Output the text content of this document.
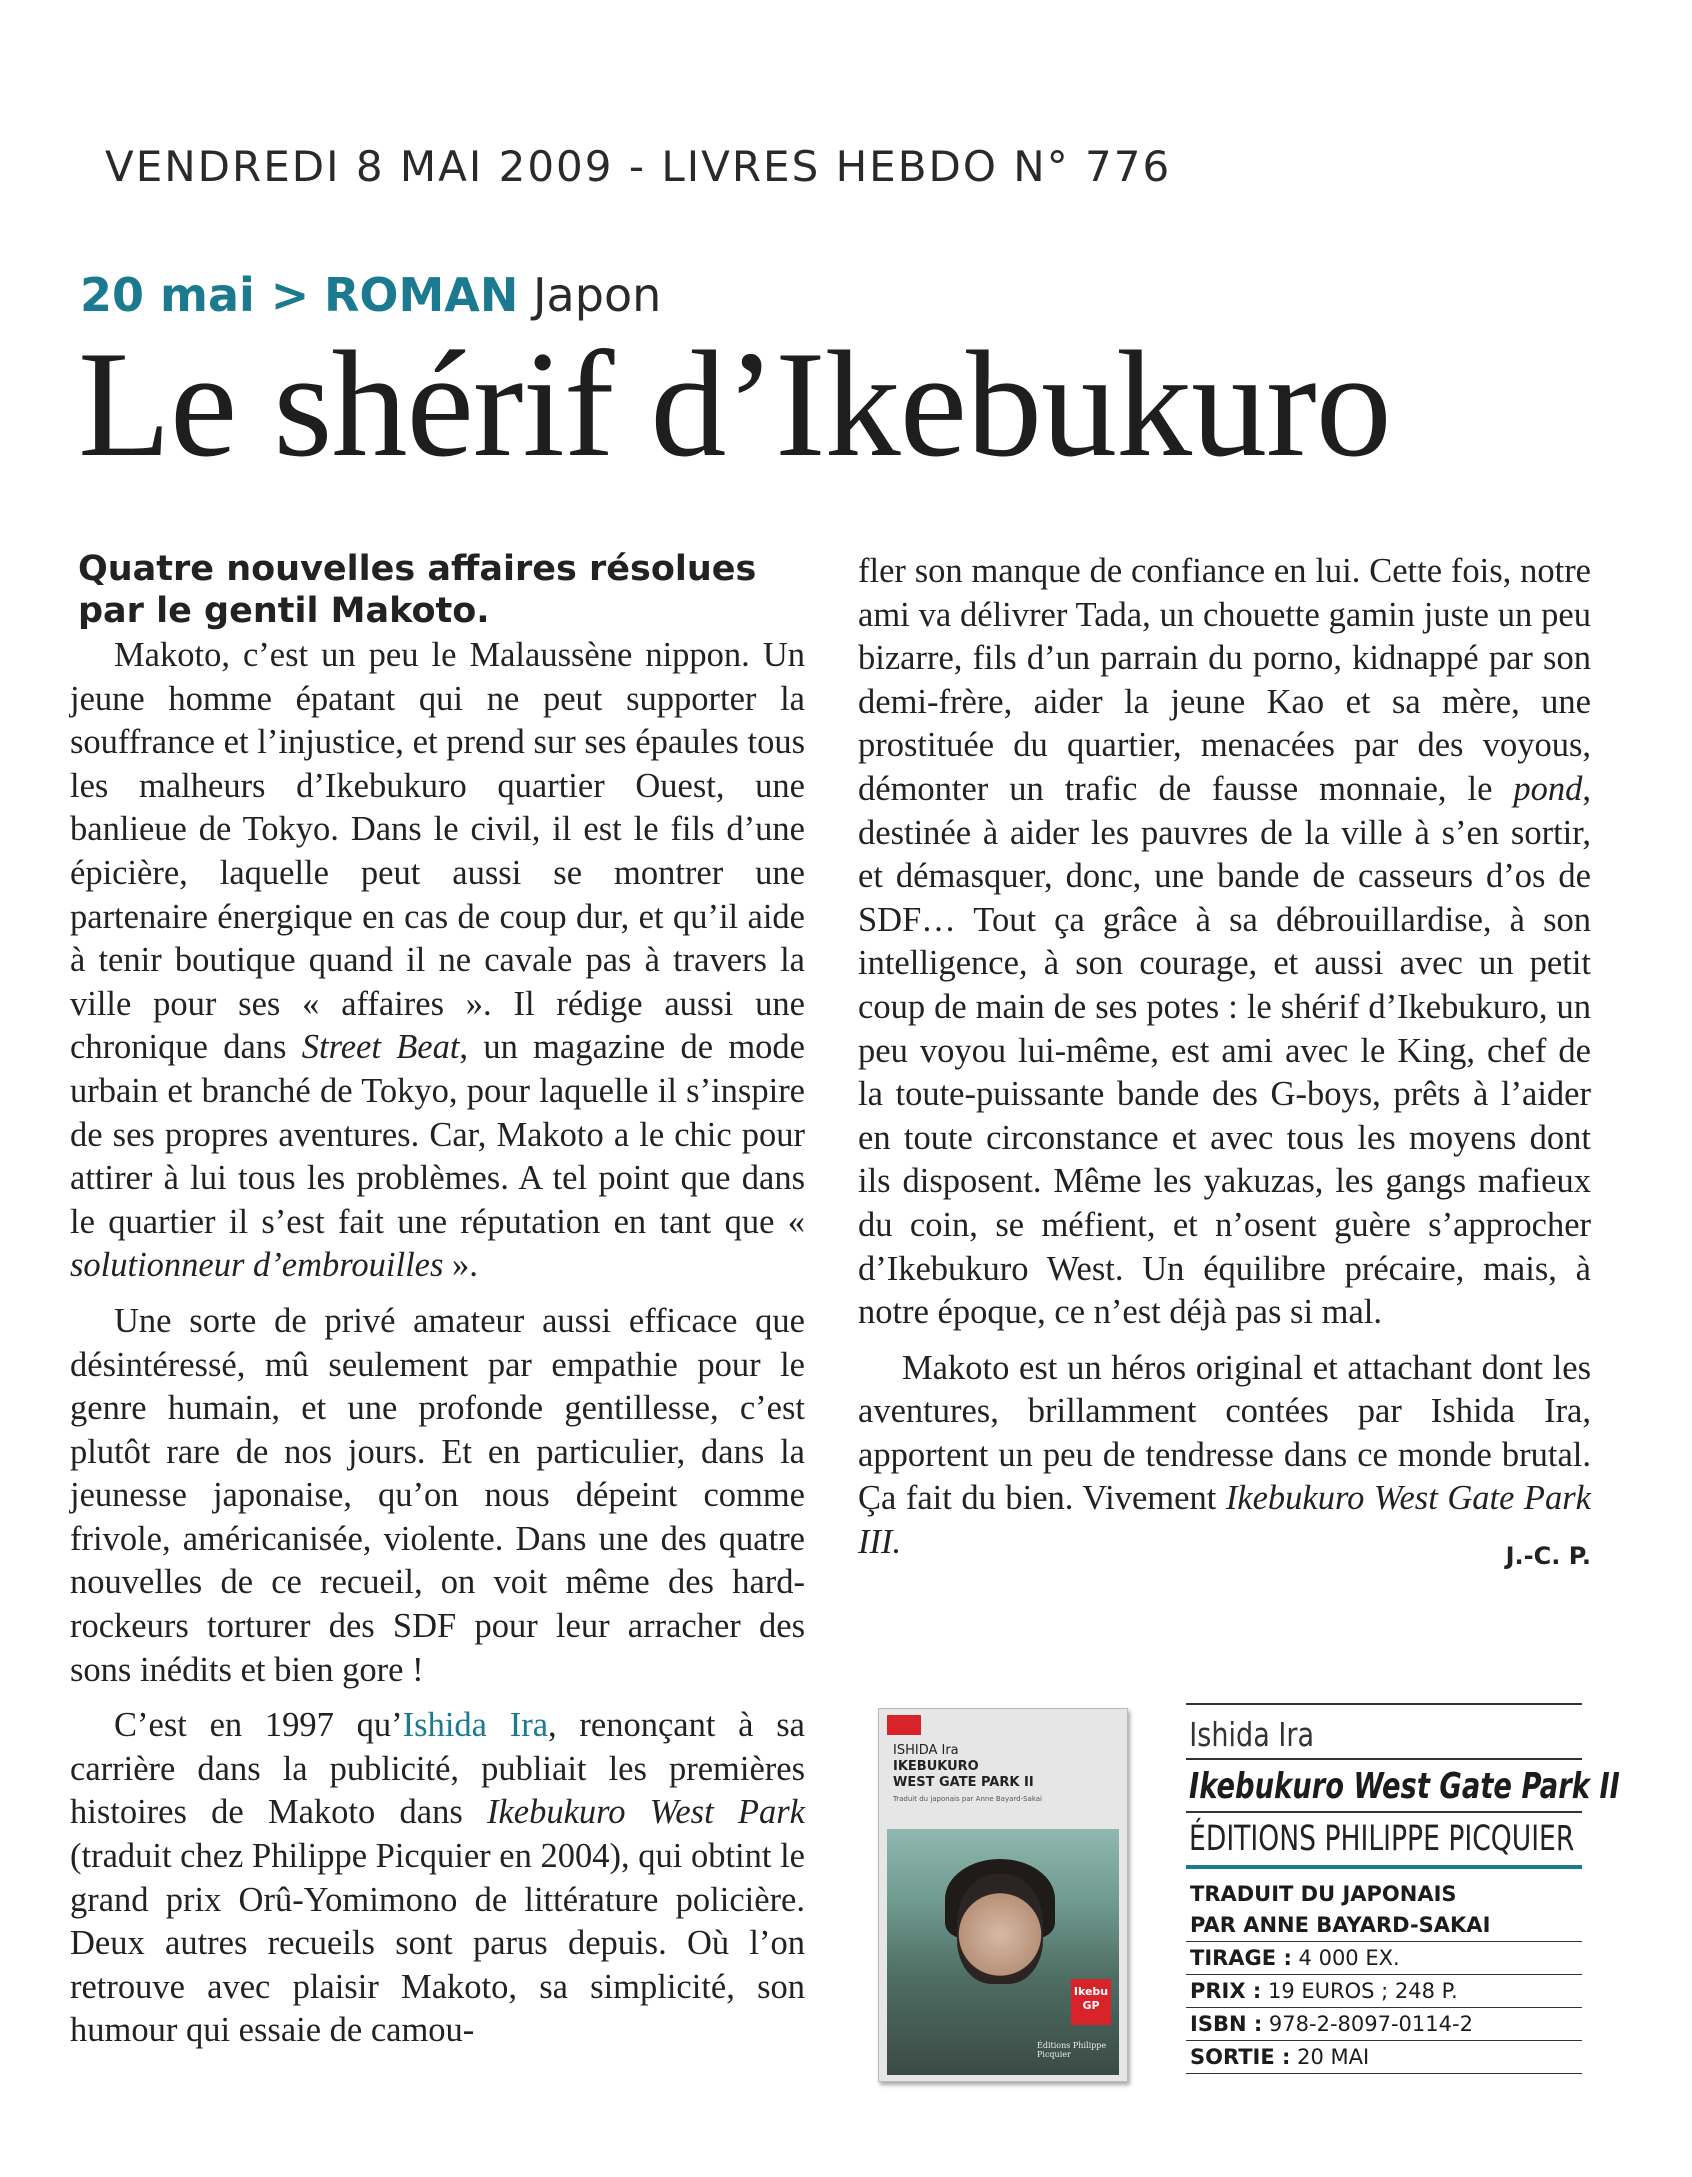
VENDREDI 8 MAI 2009 - LIVRES HEBDO N° 776
20 mai > ROMAN Japon
Le shérif d’Ikebukuro
Quatre nouvelles affaires résolues par le gentil Makoto.

Makoto, c’est un peu le Malaussène nippon. Un jeune homme épatant qui ne peut supporter la souffrance et l’injustice, et prend sur ses épaules tous les malheurs d’Ikebukuro quartier Ouest, une banlieue de Tokyo. Dans le civil, il est le fils d’une épicière, laquelle peut aussi se montrer une partenaire énergique en cas de coup dur, et qu’il aide à tenir boutique quand il ne cavale pas à travers la ville pour ses « affaires ». Il rédige aussi une chronique dans Street Beat, un magazine de mode urbain et branché de Tokyo, pour laquelle il s’inspire de ses propres aventures. Car, Makoto a le chic pour attirer à lui tous les problèmes. A tel point que dans le quartier il s’est fait une réputation en tant que « solutionneur d’embrouilles ».

Une sorte de privé amateur aussi efficace que désintéressé, mû seulement par empathie pour le genre humain, et une profonde gentillesse, c’est plutôt rare de nos jours. Et en particulier, dans la jeunesse japonaise, qu’on nous dépeint comme frivole, américanisée, violente. Dans une des quatre nouvelles de ce recueil, on voit même des hard-rockeurs torturer des SDF pour leur arracher des sons inédits et bien gore !

C’est en 1997 qu’Ishida Ira, renonçant à sa carrière dans la publicité, publiait les premières histoires de Makoto dans Ikebukuro West Park (traduit chez Philippe Picquier en 2004), qui obtint le grand prix Orû-Yomimono de littérature policière. Deux autres recueils sont parus depuis. Où l’on retrouve avec plaisir Makoto, sa simplicité, son humour qui essaie de camou-

fler son manque de confiance en lui. Cette fois, notre ami va délivrer Tada, un chouette gamin juste un peu bizarre, fils d’un parrain du porno, kidnappé par son demi-frère, aider la jeune Kao et sa mère, une prostituée du quartier, menacées par des voyous, démonter un trafic de fausse monnaie, le pond, destinée à aider les pauvres de la ville à s’en sortir, et démasquer, donc, une bande de casseurs d’os de SDF… Tout ça grâce à sa débrouillardise, à son intelligence, à son courage, et aussi avec un petit coup de main de ses potes : le shérif d’Ikebukuro, un peu voyou lui-même, est ami avec le King, chef de la toute-puissante bande des G-boys, prêts à l’aider en toute circonstance et avec tous les moyens dont ils disposent. Même les yakuzas, les gangs mafieux du coin, se méfient, et n’osent guère s’approcher d’Ikebukuro West. Un équilibre précaire, mais, à notre époque, ce n’est déjà pas si mal.

Makoto est un héros original et attachant dont les aventures, brillamment contées par Ishida Ira, apportent un peu de tendresse dans ce monde brutal. Ça fait du bien. Vivement Ikebukuro West Gate Park III.	J.-C. P.
ISHIDA Ira
IKEBUKURO
WEST GATE PARK II
Traduit du japonais par Anne Bayard-Sakai
Ikebu
GP
Éditions Philippe Picquier
Ishida Ira
Ikebukuro West Gate Park II
ÉDITIONS PHILIPPE PICQUIER
TRADUIT DU JAPONAIS
PAR ANNE BAYARD-SAKAI
TIRAGE : 4 000 EX.
PRIX : 19 EUROS ; 248 P.
ISBN : 978-2-8097-0114-2
SORTIE : 20 MAI
